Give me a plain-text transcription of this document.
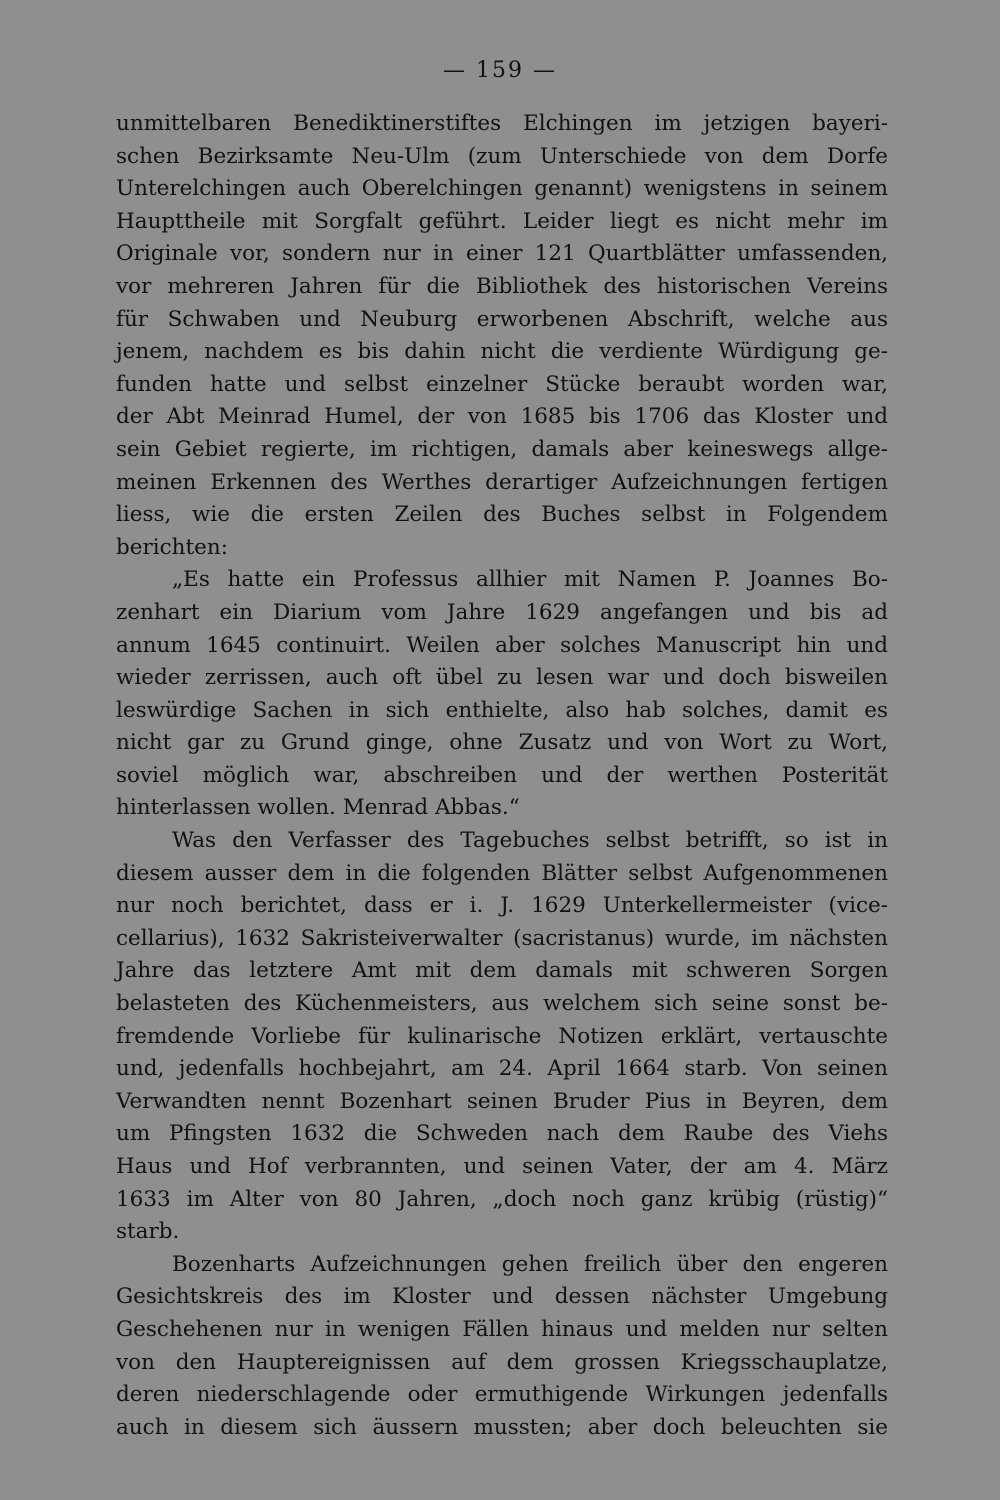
— 159 —
unmittelbaren Benediktinerstiftes Elchingen im jetzigen bayeri-
schen Bezirksamte Neu-Ulm (zum Unterschiede von dem Dorfe
Unterelchingen auch Oberelchingen genannt) wenigstens in seinem
Haupttheile mit Sorgfalt geführt. Leider liegt es nicht mehr im
Originale vor, sondern nur in einer 121 Quartblätter umfassenden,
vor mehreren Jahren für die Bibliothek des historischen Vereins
für Schwaben und Neuburg erworbenen Abschrift, welche aus
jenem, nachdem es bis dahin nicht die verdiente Würdigung ge-
funden hatte und selbst einzelner Stücke beraubt worden war,
der Abt Meinrad Humel, der von 1685 bis 1706 das Kloster und
sein Gebiet regierte, im richtigen, damals aber keineswegs allge-
meinen Erkennen des Werthes derartiger Aufzeichnungen fertigen
liess, wie die ersten Zeilen des Buches selbst in Folgendem
berichten:
„Es hatte ein Professus allhier mit Namen P. Joannes Bo-
zenhart ein Diarium vom Jahre 1629 angefangen und bis ad
annum 1645 continuirt. Weilen aber solches Manuscript hin und
wieder zerrissen, auch oft übel zu lesen war und doch bisweilen
leswürdige Sachen in sich enthielte, also hab solches, damit es
nicht gar zu Grund ginge, ohne Zusatz und von Wort zu Wort,
soviel möglich war, abschreiben und der werthen Posterität
hinterlassen wollen. Menrad Abbas.“
Was den Verfasser des Tagebuches selbst betrifft, so ist in
diesem ausser dem in die folgenden Blätter selbst Aufgenommenen
nur noch berichtet, dass er i. J. 1629 Unterkellermeister (vice-
cellarius), 1632 Sakristeiverwalter (sacristanus) wurde, im nächsten
Jahre das letztere Amt mit dem damals mit schweren Sorgen
belasteten des Küchenmeisters, aus welchem sich seine sonst be-
fremdende Vorliebe für kulinarische Notizen erklärt, vertauschte
und, jedenfalls hochbejahrt, am 24. April 1664 starb. Von seinen
Verwandten nennt Bozenhart seinen Bruder Pius in Beyren, dem
um Pfingsten 1632 die Schweden nach dem Raube des Viehs
Haus und Hof verbrannten, und seinen Vater, der am 4. März
1633 im Alter von 80 Jahren, „doch noch ganz krübig (rüstig)“
starb.
Bozenharts Aufzeichnungen gehen freilich über den engeren
Gesichtskreis des im Kloster und dessen nächster Umgebung
Geschehenen nur in wenigen Fällen hinaus und melden nur selten
von den Hauptereignissen auf dem grossen Kriegsschauplatze,
deren niederschlagende oder ermuthigende Wirkungen jedenfalls
auch in diesem sich äussern mussten; aber doch beleuchten sie
